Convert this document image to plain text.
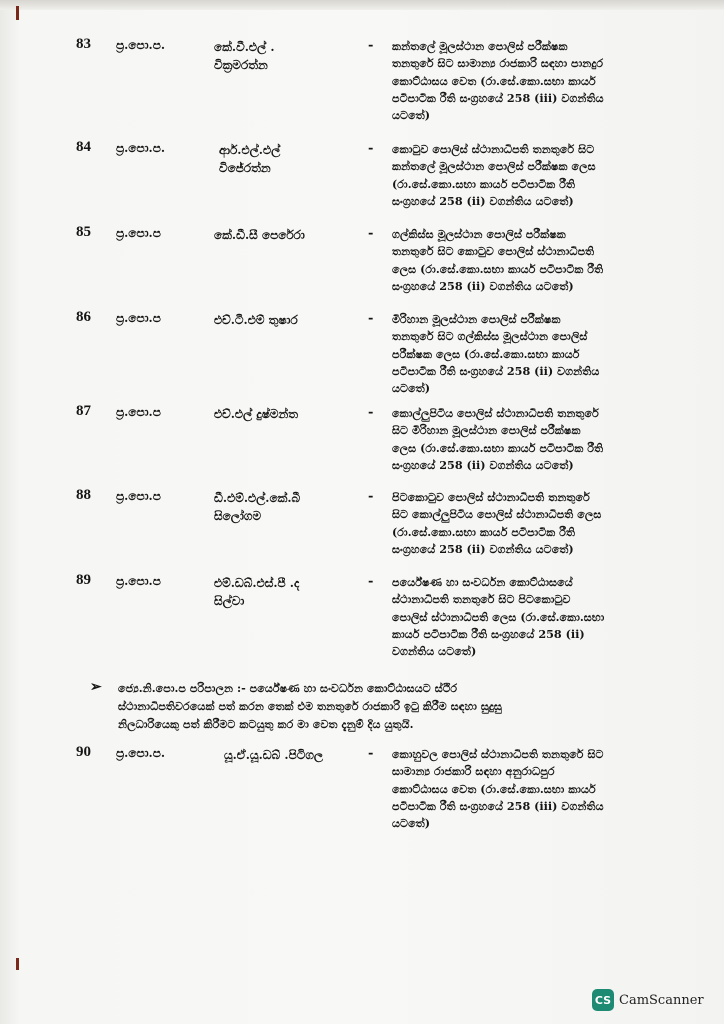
83 ප්‍ර.පො.ප.	කේ.වී.එල් .
වික්‍රමරත්න
- කන්තලේ මූලස්ථාන පොලිස් පරීක්ෂක
තනතුරේ සිට සාමාන්‍ය රාජකාරි සඳහා පානදුර
කොට්ඨාසය වෙත (රා.සේ.කො.සභා කාර්ය
පටිපාටික රීති සංග්‍රහයේ 258 (iii) වගන්තිය
යටතේ)
84 ප්‍ර.පො.ප.	ආර්.එල්.එල්
විජේරත්න
- කොටුව පොලිස් ස්ථානාධිපති තනතුරේ සිට
කන්තලේ මූලස්ථාන පොලිස් පරීක්ෂක ලෙස
(රා.සේ.කො.සභා කාර්ය පටිපාටික රීති
සංග්‍රහයේ 258 (ii) වගන්තිය යටතේ)
85 ප්‍ර.පො.ප	කේ.ඩී.සී පෙරේරා	- ගල්කිස්ස මූලස්ථාන පොලිස් පරීක්ෂක
තනතුරේ සිට කොටුව පොලිස් ස්ථානාධිපති
ලෙස (රා.සේ.කො.සභා කාර්ය පටිපාටික රීති
සංග්‍රහයේ 258 (ii) වගන්තිය යටතේ)
86 ප්‍ර.පො.ප	එච්.ටී.එම් තුෂාර	- මිරිහාන මූලස්ථාන පොලිස් පරීක්ෂක
තනතුරේ සිට ගල්කිස්ස මූලස්ථාන පොලිස්
පරීක්ෂක ලෙස (රා.සේ.කො.සභා කාර්ය
පටිපාටික රීති සංග්‍රහයේ 258 (ii) වගන්තිය
යටතේ)
87 ප්‍ර.පො.ප	එච්.එල් දුෂ්මන්ත	- කොල්ලුපිටිය පොලිස් ස්ථානාධිපති තනතුරේ
සිට මිරිහාන මූලස්ථාන පොලිස් පරීක්ෂක
ලෙස (රා.සේ.කො.සභා කාර්ය පටිපාටික රීති
සංග්‍රහයේ 258 (ii) වගන්තිය යටතේ)
88 ප්‍ර.පො.ප	ඩී.එම්.එල්.කේ.බී
සිලෝගම
- පිටකොටුව පොලිස් ස්ථානාධිපති තනතුරේ
සිට කොල්ලුපිටිය පොලිස් ස්ථානාධිපති ලෙස
(රා.සේ.කො.සභා කාර්ය පටිපාටික රීති
සංග්‍රහයේ 258 (ii) වගන්තිය යටතේ)
89 ප්‍ර.පො.ප	එම්.ඩබ්.එස්.පී .ද
සිල්වා
- පර්යේෂණ හා සංවර්ධන කොට්ඨාසයේ
ස්ථානාධිපති තනතුරේ සිට පිටකොටුව
පොලිස් ස්ථානාධිපති ලෙස (රා.සේ.කො.සභා
කාර්ය පටිපාටික රීති සංග්‍රහයේ 258 (ii)
වගන්තිය යටතේ)
➢ ජ්‍යෙ.නි.පො.ප පරිපාලන :- පර්යේෂණ හා සංවර්ධන කොට්ඨාසයට ස්ථිර
ස්ථානාධිපතිවරයෙක් පත් කරන තෙක් එම තනතුරේ රාජකාරි ඉටු කිරීම සඳහා සුදුසු
නිලධාරියෙකු පත් කිරීමට කටයුතු කර මා වෙත දැනුම් දිය යුතුයි.
90 ප්‍ර.පො.ප.	යූ.ඒ.යූ.ඩබ් .පිටිගල	- කොහුවල පොලිස් ස්ථානාධිපති තනතුරේ සිට
සාමාන්‍ය රාජකාරි සඳහා අනුරාධපුර
කොට්ඨාසය වෙත (රා.සේ.කො.සභා කාර්ය
පටිපාටික රීති සංග්‍රහයේ 258 (iii) වගන්තිය
යටතේ)
CS CamScanner
